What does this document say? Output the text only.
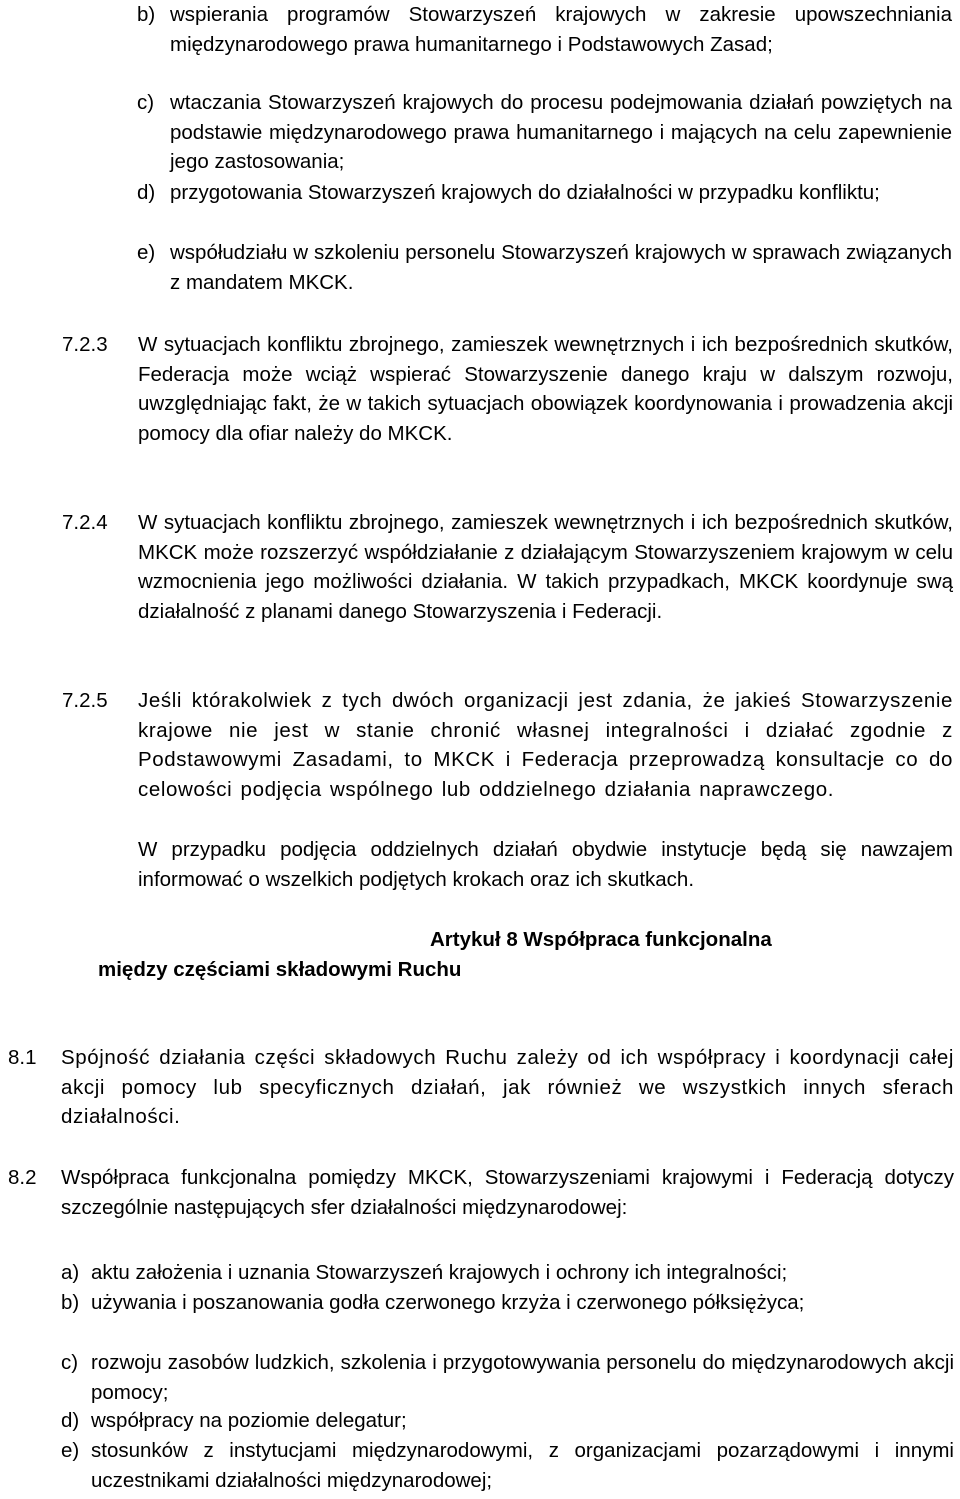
b) wspierania programów Stowarzyszeń krajowych w zakresie upowszechniania międzynarodowego prawa humanitarnego i Podstawowych Zasad;
c) wtaczania Stowarzyszeń krajowych do procesu podejmowania działań powziętych na podstawie międzynarodowego prawa humanitarnego i mających na celu zapewnienie jego zastosowania;
d) przygotowania Stowarzyszeń krajowych do działalności w przypadku konfliktu;
e) współudziału w szkoleniu personelu Stowarzyszeń krajowych w sprawach związanych z mandatem MKCK.
7.2.3 W sytuacjach konfliktu zbrojnego, zamieszek wewnętrznych i ich bezpośrednich skutków, Federacja może wciąż wspierać Stowarzyszenie danego kraju w dalszym rozwoju, uwzględniając fakt, że w takich sytuacjach obowiązek koordynowania i prowadzenia akcji pomocy dla ofiar należy do MKCK.
7.2.4 W sytuacjach konfliktu zbrojnego, zamieszek wewnętrznych i ich bezpośrednich skutków, MKCK może rozszerzyć współdziałanie z działającym Stowarzyszeniem krajowym w celu wzmocnienia jego możliwości działania. W takich przypadkach, MKCK koordynuje swą działalność z planami danego Stowarzyszenia i Federacji.
7.2.5 Jeśli którakolwiek z tych dwóch organizacji jest zdania, że jakieś Stowarzyszenie krajowe nie jest w stanie chronić własnej integralności i działać zgodnie z Podstawowymi Zasadami, to MKCK i Federacja przeprowadzą konsultacje co do celowości podjęcia wspólnego lub oddzielnego działania naprawczego.
W przypadku podjęcia oddzielnych działań obydwie instytucje będą się nawzajem informować o wszelkich podjętych krokach oraz ich skutkach.
Artykuł 8 Współpraca funkcjonalna
między częściami składowymi Ruchu
8.1 Spójność działania części składowych Ruchu zależy od ich współpracy i koordynacji całej akcji pomocy lub specyficznych działań, jak również we wszystkich innych sferach działalności.
8.2 Współpraca funkcjonalna pomiędzy MKCK, Stowarzyszeniami krajowymi i Federacją dotyczy szczególnie następujących sfer działalności międzynarodowej:
a) aktu założenia i uznania Stowarzyszeń krajowych i ochrony ich integralności;
b) używania i poszanowania godła czerwonego krzyża i czerwonego półksiężyca;
c) rozwoju zasobów ludzkich, szkolenia i przygotowywania personelu do międzynarodowych akcji pomocy;
d) współpracy na poziomie delegatur;
e) stosunków z instytucjami międzynarodowymi, z organizacjami pozarządowymi i innymi uczestnikami działalności międzynarodowej;
